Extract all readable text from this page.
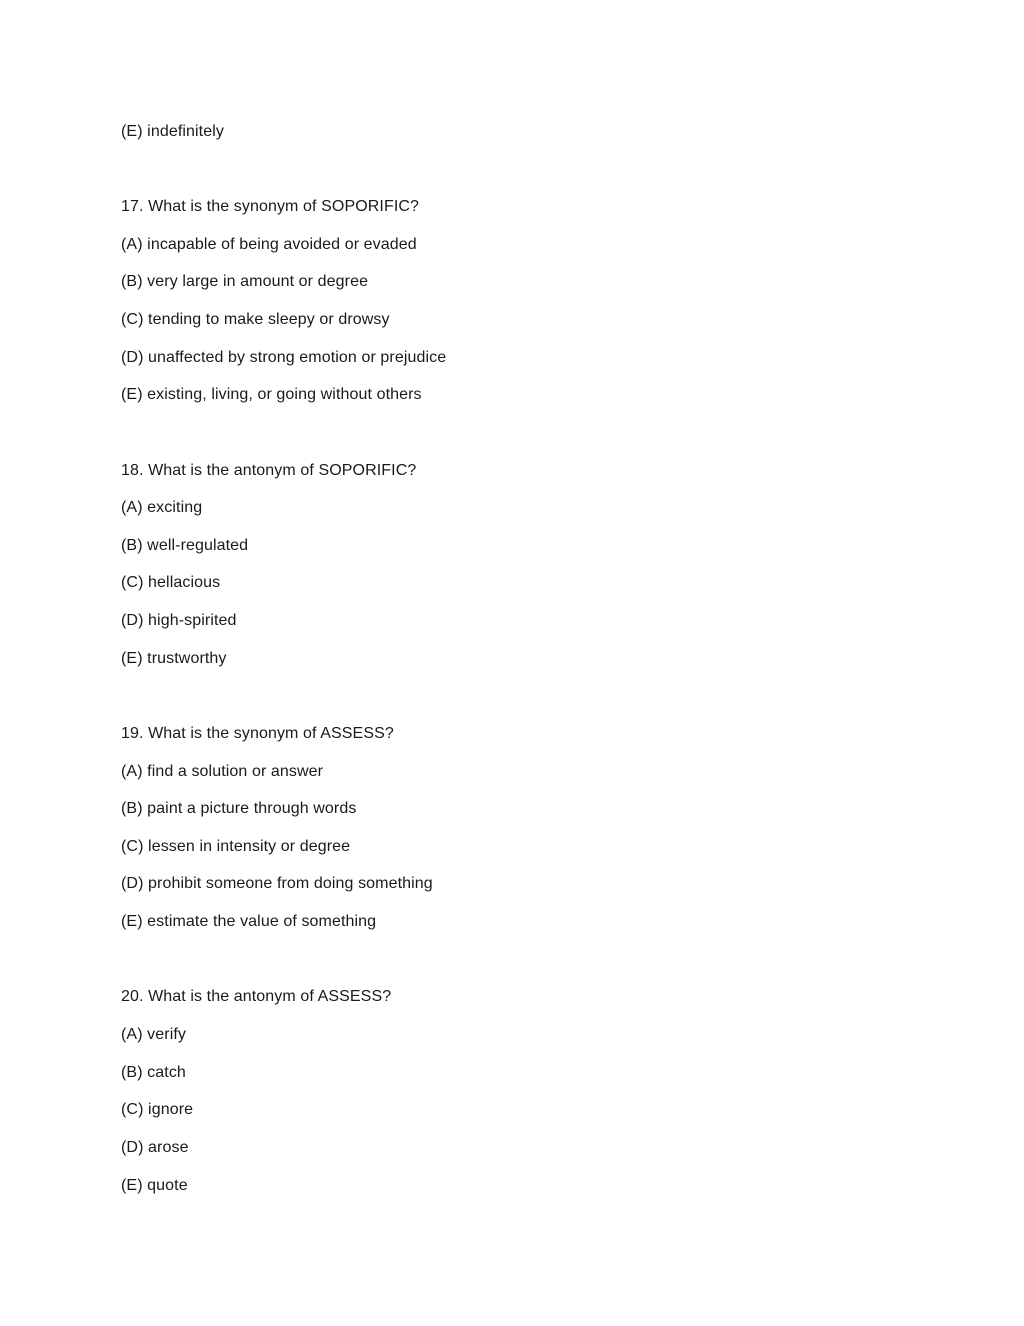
(E) indefinitely
17. What is the synonym of SOPORIFIC?
(A) incapable of being avoided or evaded
(B) very large in amount or degree
(C) tending to make sleepy or drowsy
(D) unaffected by strong emotion or prejudice
(E) existing, living, or going without others
18. What is the antonym of SOPORIFIC?
(A) exciting
(B) well-regulated
(C) hellacious
(D) high-spirited
(E) trustworthy
19. What is the synonym of ASSESS?
(A) find a solution or answer
(B) paint a picture through words
(C) lessen in intensity or degree
(D) prohibit someone from doing something
(E) estimate the value of something
20. What is the antonym of ASSESS?
(A) verify
(B) catch
(C) ignore
(D) arose
(E) quote
